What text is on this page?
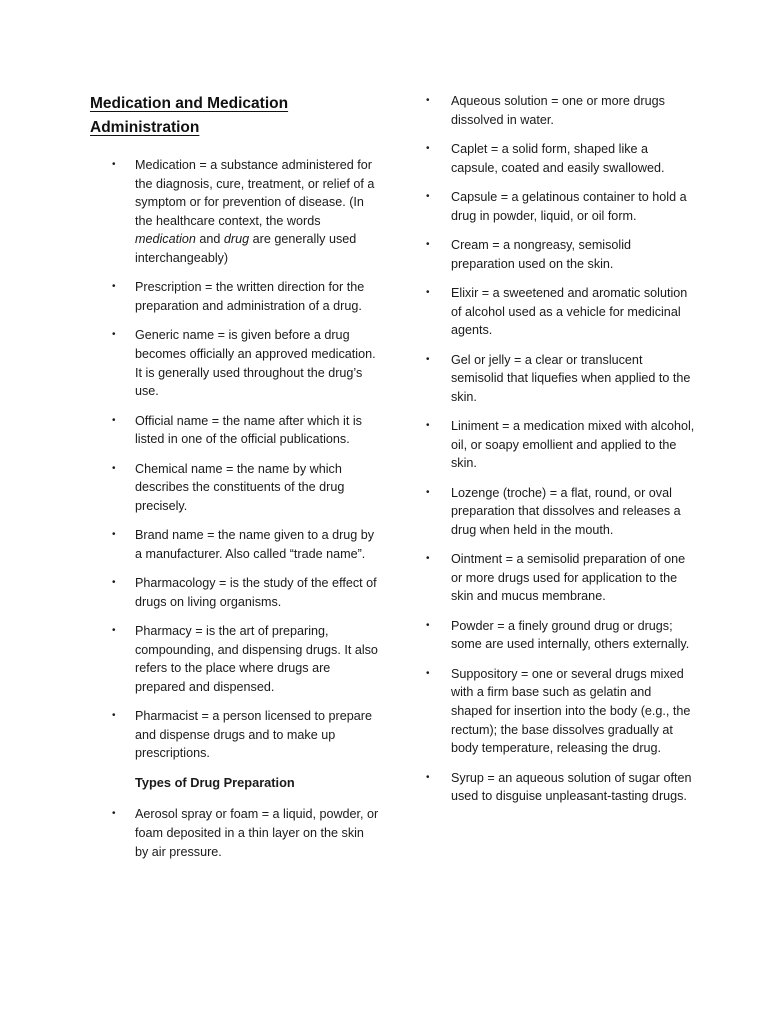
Medication and Medication Administration
• Medication = a substance administered for the diagnosis, cure, treatment, or relief of a symptom or for prevention of disease. (In the healthcare context, the words medication and drug are generally used interchangeably)
• Prescription = the written direction for the preparation and administration of a drug.
• Generic name = is given before a drug becomes officially an approved medication. It is generally used throughout the drug’s use.
• Official name = the name after which it is listed in one of the official publications.
• Chemical name = the name by which describes the constituents of the drug precisely.
• Brand name = the name given to a drug by a manufacturer. Also called “trade name”.
• Pharmacology = is the study of the effect of drugs on living organisms.
• Pharmacy = is the art of preparing, compounding, and dispensing drugs. It also refers to the place where drugs are prepared and dispensed.
• Pharmacist = a person licensed to prepare and dispense drugs and to make up prescriptions.
Types of Drug Preparation
• Aerosol spray or foam = a liquid, powder, or foam deposited in a thin layer on the skin by air pressure.
• Aqueous solution = one or more drugs dissolved in water.
• Caplet = a solid form, shaped like a capsule, coated and easily swallowed.
• Capsule = a gelatinous container to hold a drug in powder, liquid, or oil form.
• Cream = a nongreasy, semisolid preparation used on the skin.
• Elixir = a sweetened and aromatic solution of alcohol used as a vehicle for medicinal agents.
• Gel or jelly = a clear or translucent semisolid that liquefies when applied to the skin.
• Liniment = a medication mixed with alcohol, oil, or soapy emollient and applied to the skin.
• Lozenge (troche) = a flat, round, or oval preparation that dissolves and releases a drug when held in the mouth.
• Ointment = a semisolid preparation of one or more drugs used for application to the skin and mucus membrane.
• Powder = a finely ground drug or drugs; some are used internally, others externally.
• Suppository = one or several drugs mixed with a firm base such as gelatin and shaped for insertion into the body (e.g., the rectum); the base dissolves gradually at body temperature, releasing the drug.
• Syrup = an aqueous solution of sugar often used to disguise unpleasant-tasting drugs.
